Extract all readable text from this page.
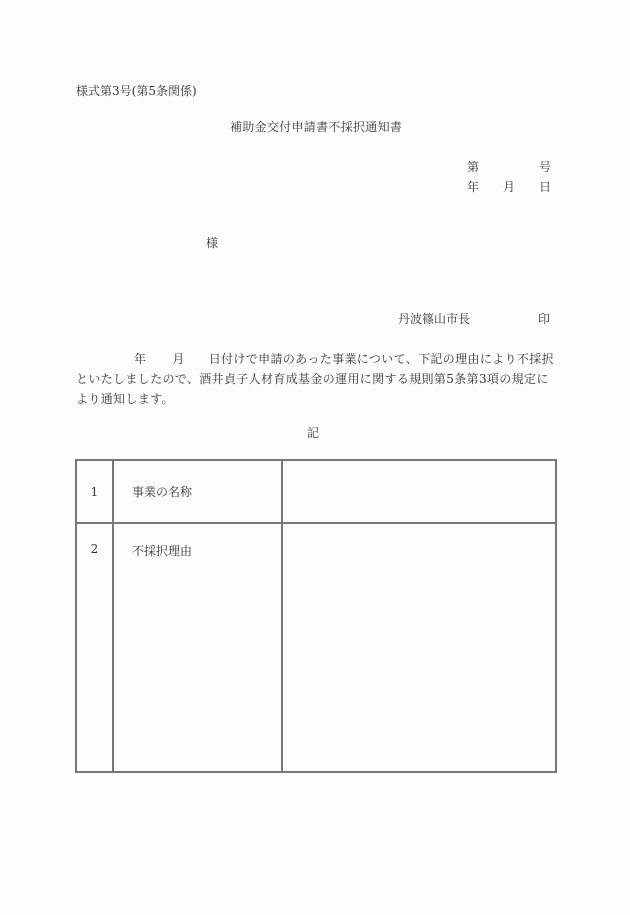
様式第3号(第5条関係)
補助金交付申請書不採択通知書
第	号
年 月 日
様
丹波篠山市長	印
年 月 日付けで申請のあった事業について、下記の理由により不採択といたしましたので、酒井貞子人材育成基金の運用に関する規則第5条第3項の規定により通知します。
記
1	事業の名称	
2	不採択理由	
